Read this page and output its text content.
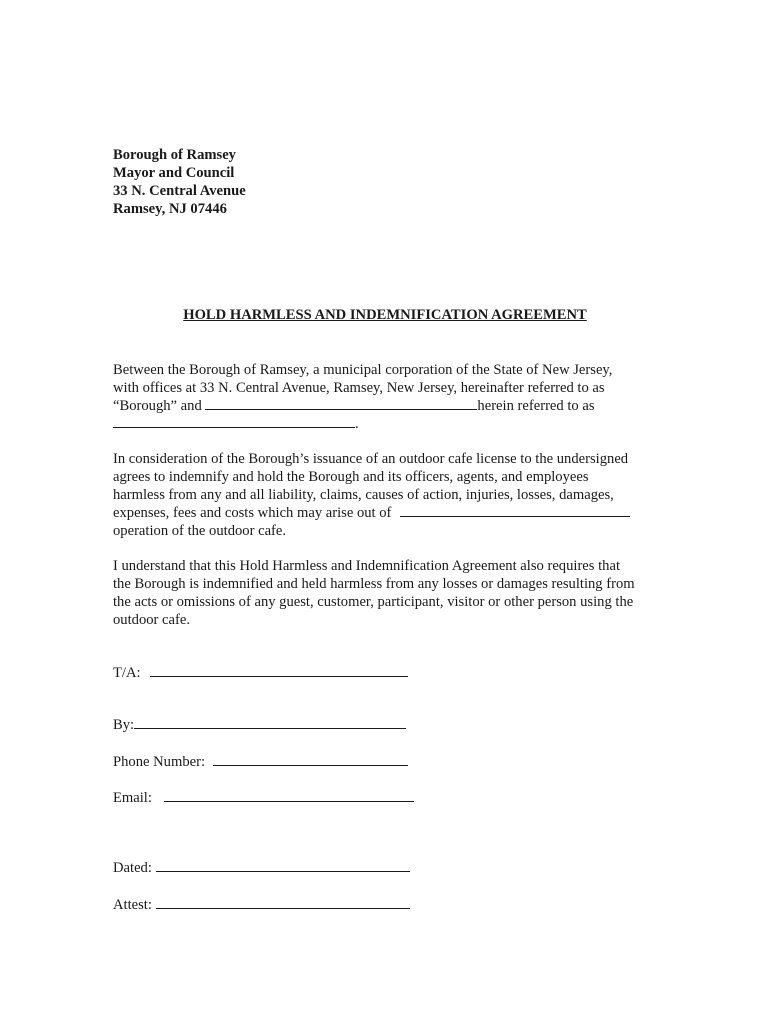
Borough of Ramsey
Mayor and Council
33 N. Central Avenue
Ramsey, NJ 07446
HOLD HARMLESS AND INDEMNIFICATION AGREEMENT
Between the Borough of Ramsey, a municipal corporation of the State of New Jersey,
with offices at 33 N. Central Avenue, Ramsey, New Jersey, hereinafter referred to as
“Borough” and	herein referred to as
.
In consideration of the Borough’s issuance of an outdoor cafe license to the undersigned
agrees to indemnify and hold the Borough and its officers, agents, and employees
harmless from any and all liability, claims, causes of action, injuries, losses, damages,
expenses, fees and costs which may arise out of
operation of the outdoor cafe.
I understand that this Hold Harmless and Indemnification Agreement also requires that
the Borough is indemnified and held harmless from any losses or damages resulting from
the acts or omissions of any guest, customer, participant, visitor or other person using the
outdoor cafe.
T/A:
By:
Phone Number:
Email:
Dated:
Attest:
